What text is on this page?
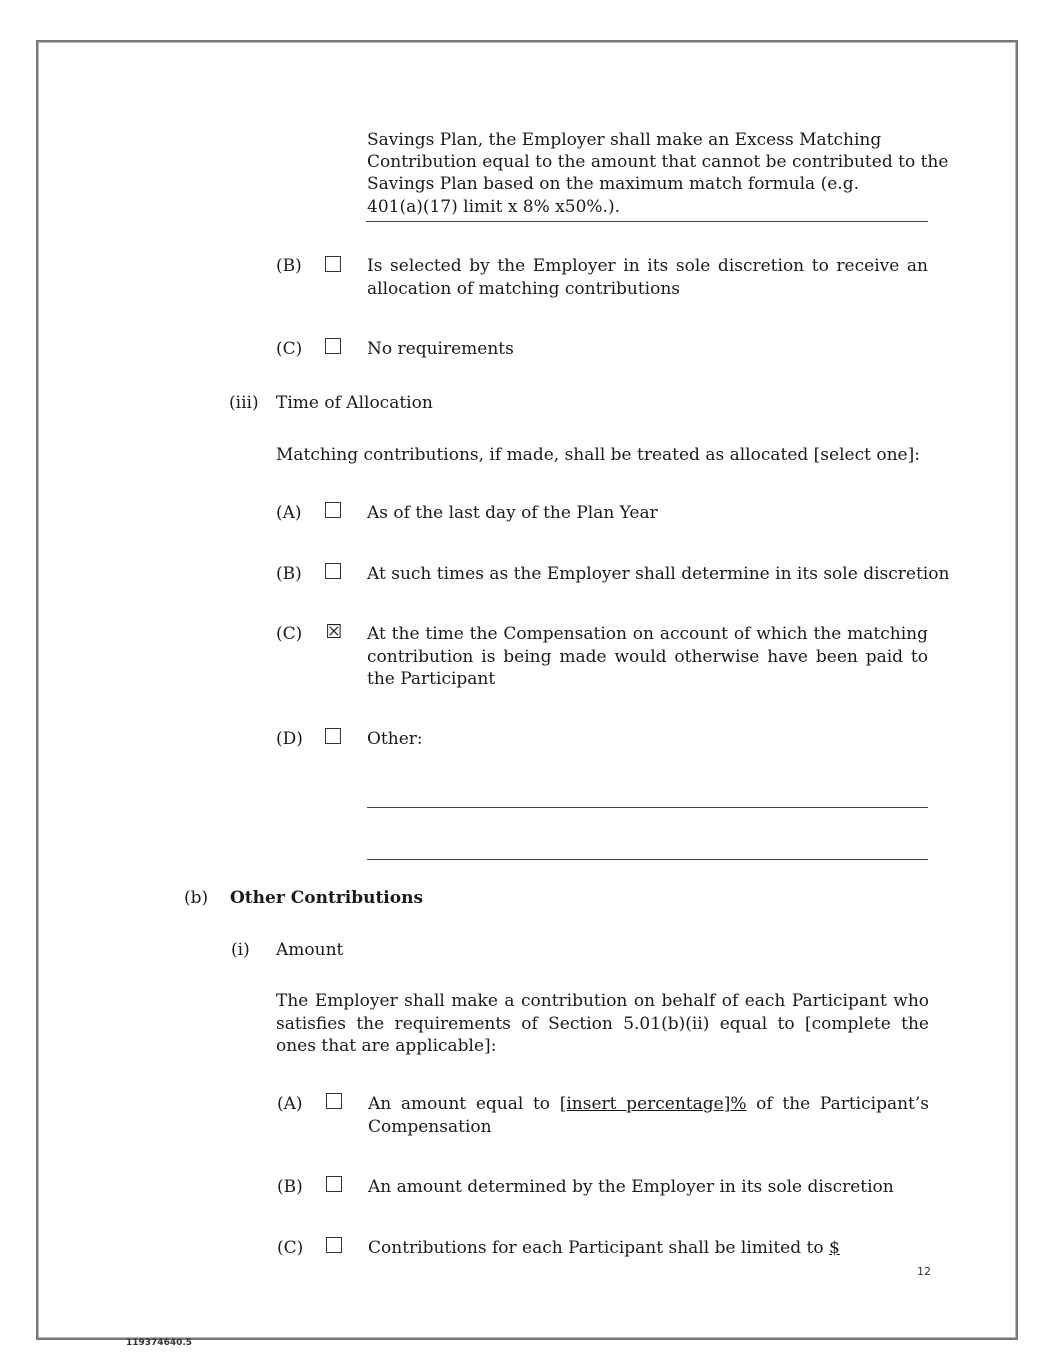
Savings Plan, the Employer shall make an Excess Matching
Contribution equal to the amount that cannot be contributed to the
Savings Plan based on the maximum match formula (e.g.
401(a)(17) limit x 8% x50%.).
(B)	Is selected by the Employer in its sole discretion to receive an allocation of matching contributions
(C)	No requirements
(iii) Time of Allocation
Matching contributions, if made, shall be treated as allocated [select one]:
(A)	As of the last day of the Plan Year
(B)	At such times as the Employer shall determine in its sole discretion
(C) ☒ At the time the Compensation on account of which the matching contribution is being made would otherwise have been paid to the Participant
(D)	Other:
(b) Other Contributions
(i) Amount
The Employer shall make a contribution on behalf of each Participant who satisfies the requirements of Section 5.01(b)(ii) equal to [complete the ones that are applicable]:
(A)	An amount equal to [insert percentage]% of the Participant’s Compensation
(B)	An amount determined by the Employer in its sole discretion
(C)	Contributions for each Participant shall be limited to $
12
119374640.5
